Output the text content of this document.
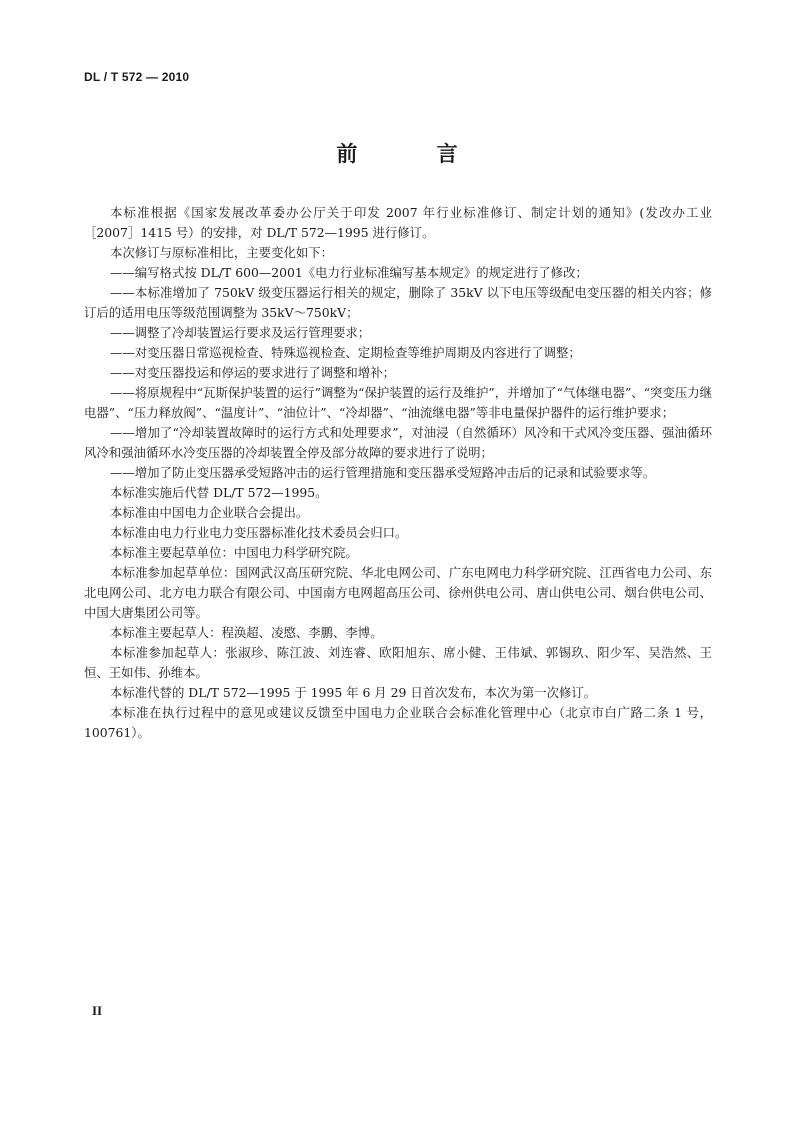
DL / T 572 — 2010
前 言

本标准根据《国家发展改革委办公厅关于印发 2007 年行业标准修订、制定计划的通知》(发改办工业［2007］1415 号）的安排，对 DL/T 572—1995 进行修订。

本次修订与原标准相比，主要变化如下：

——编写格式按 DL/T 600—2001《电力行业标准编写基本规定》的规定进行了修改；

——本标准增加了 750kV 级变压器运行相关的规定，删除了 35kV 以下电压等级配电变压器的相关内容；修订后的适用电压等级范围调整为 35kV～750kV；

——调整了冷却装置运行要求及运行管理要求；

——对变压器日常巡视检查、特殊巡视检查、定期检查等维护周期及内容进行了调整；

——对变压器投运和停运的要求进行了调整和增补；

——将原规程中“瓦斯保护装置的运行”调整为“保护装置的运行及维护”，并增加了“气体继电器”、“突变压力继电器”、“压力释放阀”、“温度计”、“油位计”、“冷却器”、“油流继电器”等非电量保护器件的运行维护要求；

——增加了“冷却装置故障时的运行方式和处理要求”，对油浸（自然循环）风冷和干式风冷变压器、强油循环风冷和强油循环水冷变压器的冷却装置全停及部分故障的要求进行了说明；

——增加了防止变压器承受短路冲击的运行管理措施和变压器承受短路冲击后的记录和试验要求等。

本标准实施后代替 DL/T 572—1995。

本标准由中国电力企业联合会提出。

本标准由电力行业电力变压器标准化技术委员会归口。

本标准主要起草单位：中国电力科学研究院。

本标准参加起草单位：国网武汉高压研究院、华北电网公司、广东电网电力科学研究院、江西省电力公司、东北电网公司、北方电力联合有限公司、中国南方电网超高压公司、徐州供电公司、唐山供电公司、烟台供电公司、中国大唐集团公司等。

本标准主要起草人：程涣超、凌愍、李鹏、李博。

本标准参加起草人：张淑珍、陈江波、刘连睿、欧阳旭东、席小健、王伟斌、郭锡玖、阳少军、吴浩然、王恒、王如伟、孙维本。

本标准代替的 DL/T 572—1995 于 1995 年 6 月 29 日首次发布，本次为第一次修订。

本标准在执行过程中的意见或建议反馈至中国电力企业联合会标准化管理中心（北京市白广路二条 1 号，100761）。

II
